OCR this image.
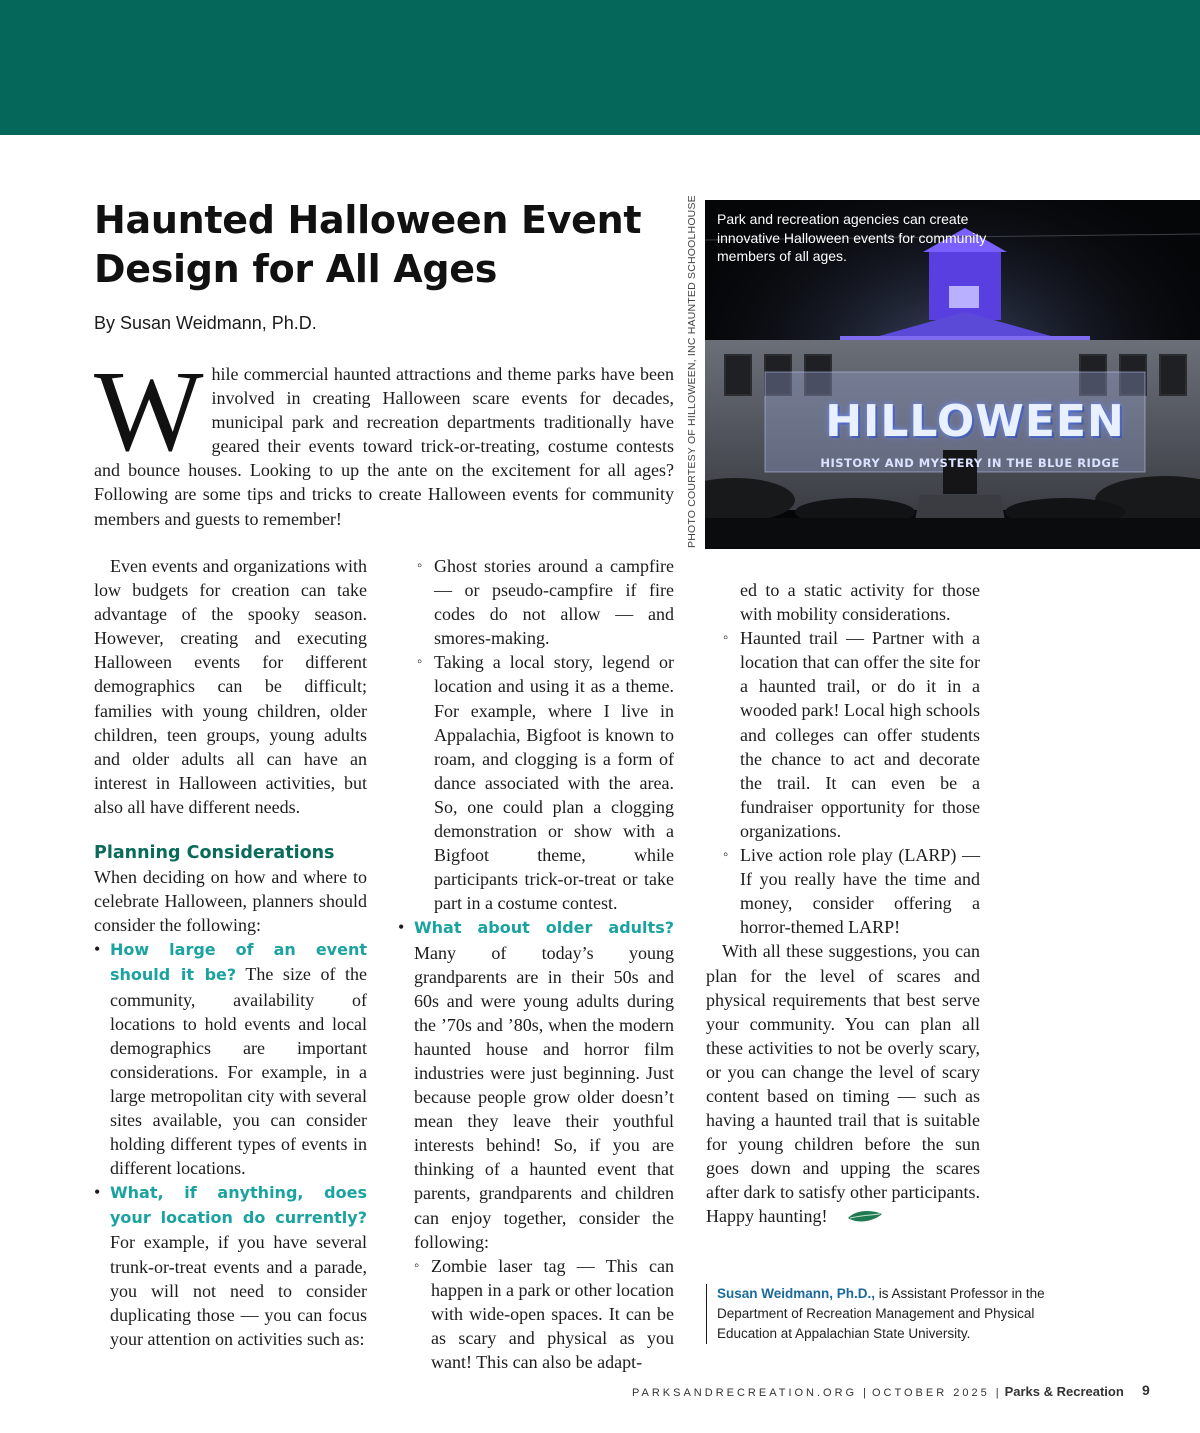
Haunted Halloween Event
Design for All Ages
By Susan Weidmann, Ph.D.
W hile commercial haunted attractions and theme parks have been involved in creating Halloween scare events for decades, municipal park and recreation departments traditionally have geared their events toward trick-or-treating, costume contests and bounce houses. Looking to up the ante on the excitement for all ages? Following are some tips and tricks to create Halloween events for community members and guests to remember!	PHOTO COURTESY OF HILLOWEEN, INC HAUNTED SCHOOLHOUSE Park and recreation agencies can create innovative Halloween events for community members of all ages.
HILLOWEEN
HISTORY AND MYSTERY IN THE BLUE RIDGE

Even events and organizations with low budgets for creation can take advantage of the spooky season. However, creating and executing Halloween events for different demographics can be difficult; families with young children, older children, teen groups, young adults and older adults all can have an interest in Halloween activities, but also all have different needs.

Planning Considerations

When deciding on how and where to celebrate Halloween, planners should consider the following:

• How large of an event should it be? The size of the community, availability of locations to hold events and local demographics are important considerations. For example, in a large metropolitan city with several sites available, you can consider holding different types of events in different locations.
• What, if anything, does your location do currently? For example, if you have several trunk-or-treat events and a parade, you will not need to consider duplicating those — you can focus your attention on activities such as:
◦ Ghost stories around a campfire — or pseudo-campfire if fire codes do not allow — and smores-making.
◦ Taking a local story, legend or location and using it as a theme. For example, where I live in Appalachia, Bigfoot is known to roam, and clogging is a form of dance associated with the area. So, one could plan a clogging demonstration or show with a Bigfoot theme, while participants trick-or-treat or take part in a costume contest.
• What about older adults? Many of today’s young grandparents are in their 50s and 60s and were young adults during the ’70s and ’80s, when the modern haunted house and horror film industries were just beginning. Just because people grow older doesn’t mean they leave their youthful interests behind! So, if you are thinking of a haunted event that parents, grandparents and children can enjoy together, consider the following:
◦ Zombie laser tag — This can happen in a park or other location with wide-open spaces. It can be as scary and physical as you want! This can also be adapt-

ed to a static activity for those with mobility considerations.

◦ Haunted trail — Partner with a location that can offer the site for a haunted trail, or do it in a wooded park! Local high schools and colleges can offer students the chance to act and decorate the trail. It can even be a fundraiser opportunity for those organizations.
◦ Live action role play (LARP) — If you really have the time and money, consider offering a horror-themed LARP!

With all these suggestions, you can plan for the level of scares and physical requirements that best serve your community. You can plan all these activities to not be overly scary, or you can change the level of scary content based on timing — such as having a haunted trail that is suitable for young children before the sun goes down and upping the scares after dark to satisfy other participants. Happy haunting!

Susan Weidmann, Ph.D., is Assistant Professor in the Department of Recreation Management and Physical Education at Appalachian State University.
PARKSANDRECREATION.ORG | OCTOBER 2025 | Parks & Recreation 9
